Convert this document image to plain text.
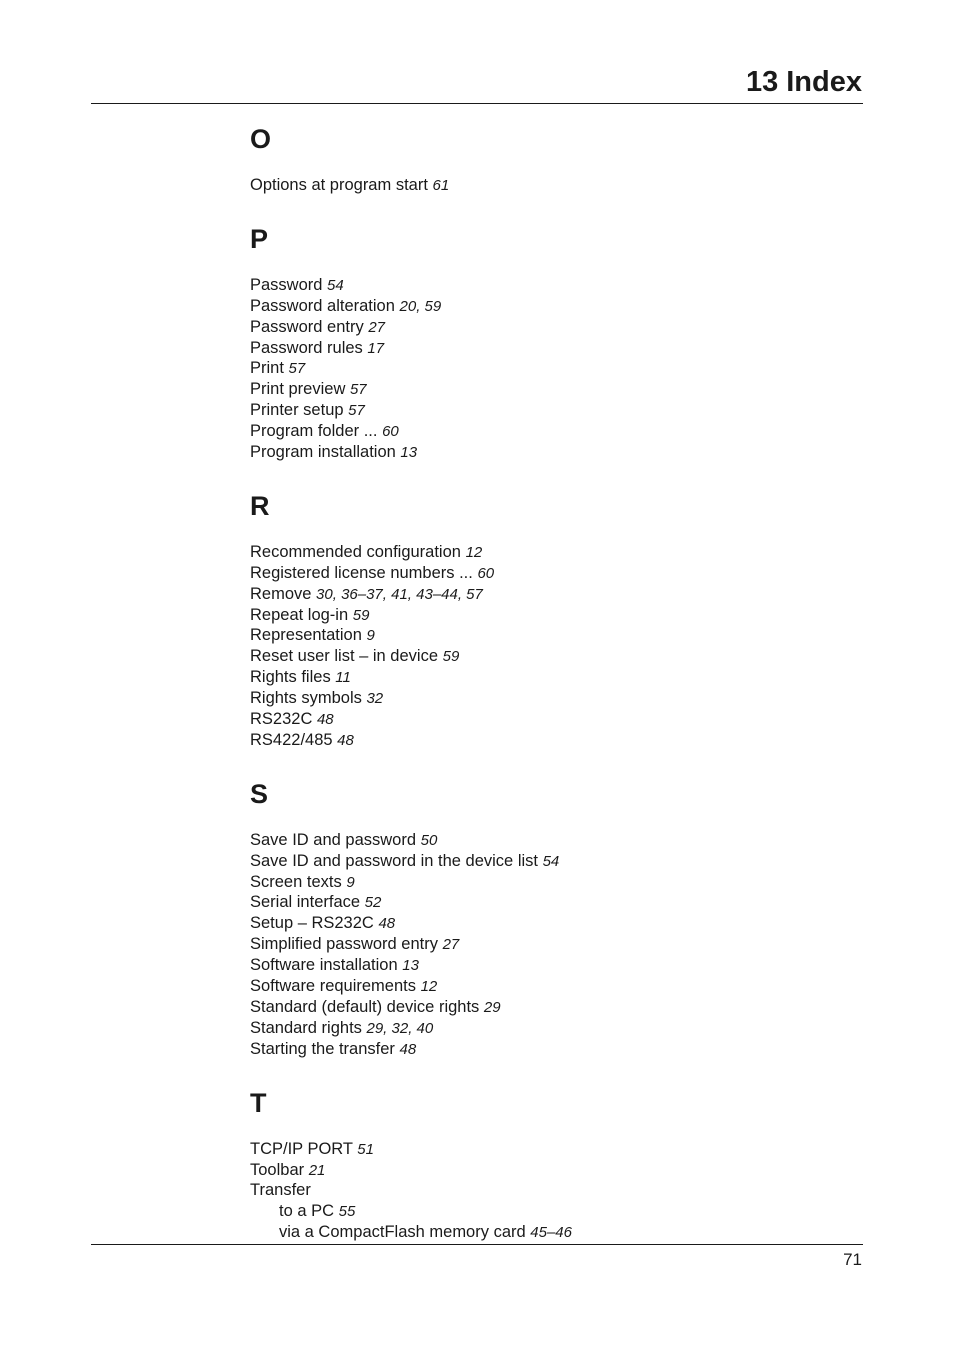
13 Index
O
Options at program start 61
P
Password 54
Password alteration 20, 59
Password entry 27
Password rules 17
Print 57
Print preview 57
Printer setup 57
Program folder ... 60
Program installation 13
R
Recommended configuration 12
Registered license numbers ... 60
Remove 30, 36–37, 41, 43–44, 57
Repeat log-in 59
Representation 9
Reset user list – in device 59
Rights files 11
Rights symbols 32
RS232C 48
RS422/485 48
S
Save ID and password 50
Save ID and password in the device list 54
Screen texts 9
Serial interface 52
Setup – RS232C 48
Simplified password entry 27
Software installation 13
Software requirements 12
Standard (default) device rights 29
Standard rights 29, 32, 40
Starting the transfer 48
T
TCP/IP PORT 51
Toolbar 21
Transfer
to a PC 55
via a CompactFlash memory card 45–46
71
